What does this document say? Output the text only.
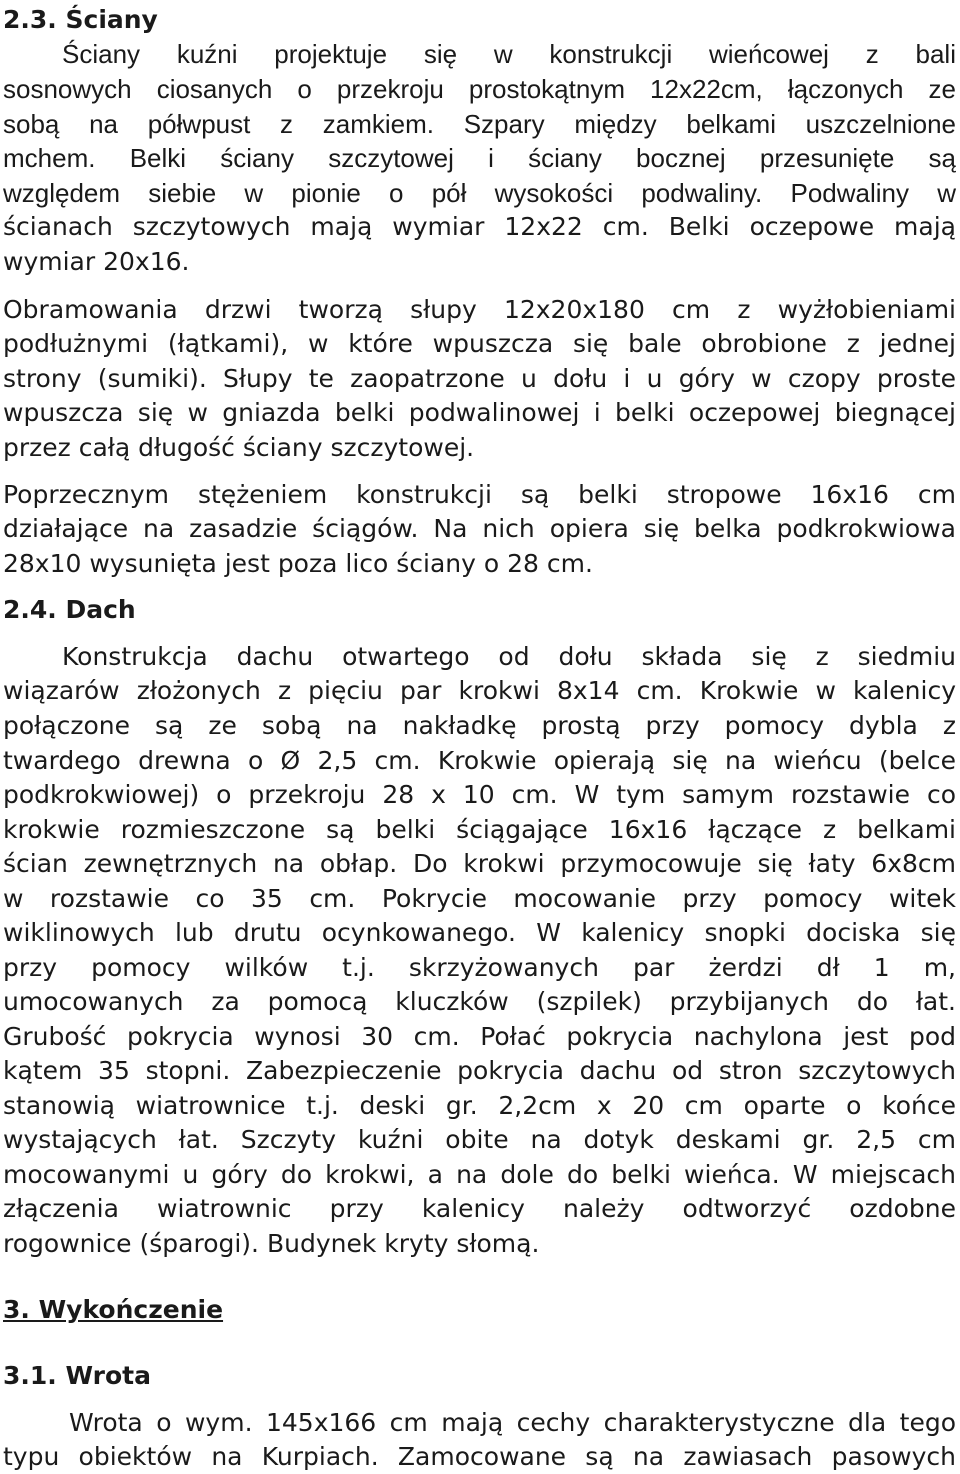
2.3. Ściany
Ściany kuźni projektuje się w konstrukcji wieńcowej z bali
sosnowych ciosanych o przekroju prostokątnym 12x22cm, łączonych ze
sobą na półwpust z zamkiem. Szpary między belkami uszczelnione
mchem. Belki ściany szczytowej i ściany bocznej przesunięte są
względem siebie w pionie o pół wysokości podwaliny. Podwaliny w
ścianach szczytowych mają wymiar 12x22 cm. Belki oczepowe mają
wymiar 20x16.
Obramowania drzwi tworzą słupy 12x20x180 cm z wyżłobieniami
podłużnymi (łątkami), w które wpuszcza się bale obrobione z jednej
strony (sumiki). Słupy te zaopatrzone u dołu i u góry w czopy proste
wpuszcza się w gniazda belki podwalinowej i belki oczepowej biegnącej
przez całą długość ściany szczytowej.
Poprzecznym stężeniem konstrukcji są belki stropowe 16x16 cm
działające na zasadzie ściągów. Na nich opiera się belka podkrokwiowa
28x10 wysunięta jest poza lico ściany o 28 cm.
2.4. Dach
Konstrukcja dachu otwartego od dołu składa się z siedmiu
wiązarów złożonych z pięciu par krokwi 8x14 cm. Krokwie w kalenicy
połączone są ze sobą na nakładkę prostą przy pomocy dybla z
twardego drewna o Ø 2,5 cm. Krokwie opierają się na wieńcu (belce
podkrokwiowej) o przekroju 28 x 10 cm. W tym samym rozstawie co
krokwie rozmieszczone są belki ściągające 16x16 łączące z belkami
ścian zewnętrznych na obłap. Do krokwi przymocowuje się łaty 6x8cm
w rozstawie co 35 cm. Pokrycie mocowanie przy pomocy witek
wiklinowych lub drutu ocynkowanego. W kalenicy snopki dociska się
przy pomocy wilków t.j. skrzyżowanych par żerdzi dł 1 m,
umocowanych za pomocą kluczków (szpilek) przybijanych do łat.
Grubość pokrycia wynosi 30 cm. Połać pokrycia nachylona jest pod
kątem 35 stopni. Zabezpieczenie pokrycia dachu od stron szczytowych
stanowią wiatrownice t.j. deski gr. 2,2cm x 20 cm oparte o końce
wystających łat. Szczyty kuźni obite na dotyk deskami gr. 2,5 cm
mocowanymi u góry do krokwi, a na dole do belki wieńca. W miejscach
złączenia wiatrownic przy kalenicy należy odtworzyć ozdobne
rogownice (śparogi). Budynek kryty słomą.
3. Wykończenie
3.1. Wrota
Wrota o wym. 145x166 cm mają cechy charakterystyczne dla tego
typu obiektów na Kurpiach. Zamocowane są na zawiasach pasowych
